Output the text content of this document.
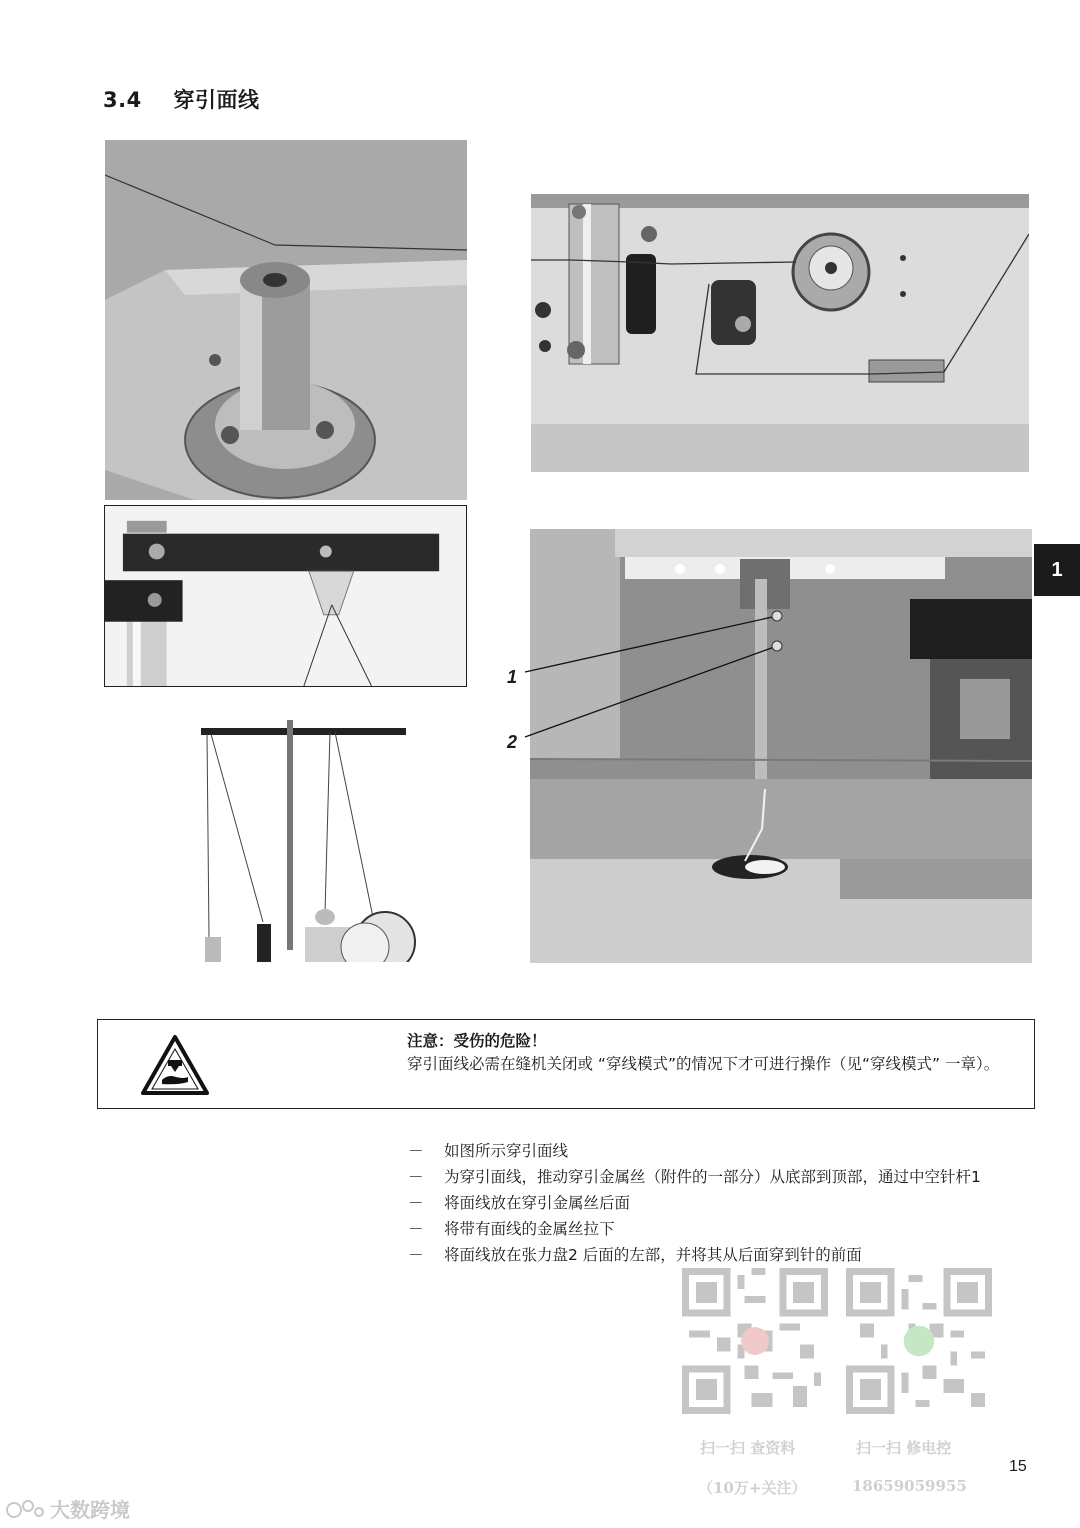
3.4 穿引面线
1
2
1
注意：受伤的危险！
穿引面线必需在缝机关闭或 “穿线模式”的情况下才可进行操作（见“穿线模式” 一章）。
－ 如图所示穿引面线
－ 为穿引面线，推动穿引金属丝（附件的一部分）从底部到顶部，通过中空针杆1
－ 将面线放在穿引金属丝后面
－ 将带有面线的金属丝拉下
－ 将面线放在张力盘2 后面的左部，并将其从后面穿到针的前面
扫一扫 查资料	扫一扫 修电控
（10万+关注）	18659059955
15
大数跨境
